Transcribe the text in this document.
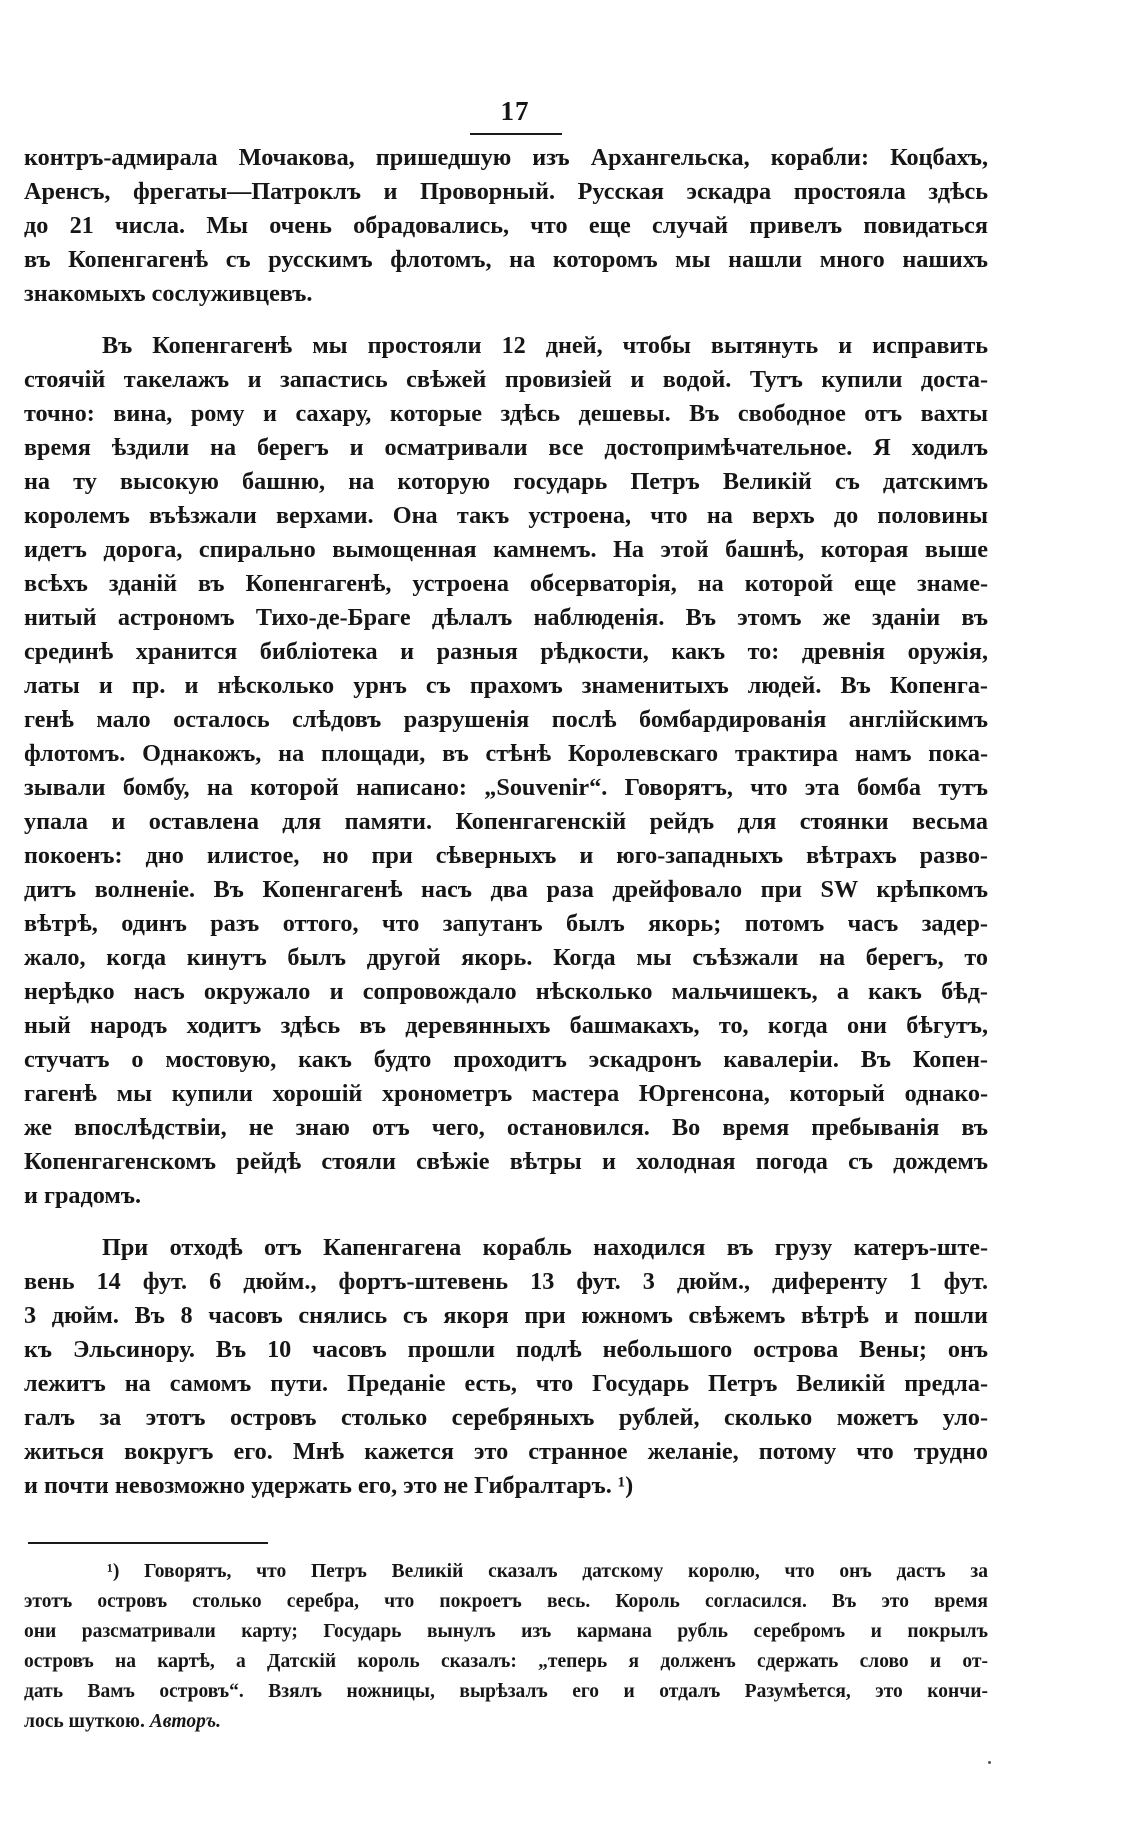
17
контръ-адмирала Мочакова, пришедшую изъ Архангельска, корабли: Коцбахъ,
Аренсъ, фрегаты—Патроклъ и Проворный. Русская эскадра простояла здѣсь
до 21 числа. Мы очень обрадовались, что еще случай привелъ повидаться
въ Копенгагенѣ съ русскимъ флотомъ, на которомъ мы нашли много нашихъ
знакомыхъ сослуживцевъ.
Въ Копенгагенѣ мы простояли 12 дней, чтобы вытянуть и исправить
стоячій такелажъ и запастись свѣжей провизіей и водой. Тутъ купили достa-
точно: вина, рому и сахару, которые здѣсь дешевы. Въ свободное отъ вахты
время ѣздили на берегъ и осматривали все достопримѣчательное. Я ходилъ
на ту высокую башню, на которую государь Петръ Великій съ датскимъ
королемъ въѣзжали верхами. Она такъ устроена, что на верхъ до половины
идетъ дорога, спирально вымощенная камнемъ. На этой башнѣ, которая выше
всѣхъ зданій въ Копенгагенѣ, устроена обсерваторія, на которой еще знаме-
нитый астрономъ Тихо-де-Браге дѣлалъ наблюденія. Въ этомъ же зданіи въ
срединѣ хранится библіотека и разныя рѣдкости, какъ то: древнія оружія,
латы и пр. и нѣсколько урнъ съ прахомъ знаменитыхъ людей. Въ Копенга-
генѣ мало осталось слѣдовъ разрушенія послѣ бомбардированія англійскимъ
флотомъ. Однакожъ, на площади, въ стѣнѣ Королевскаго трактира намъ пока-
зывали бомбу, на которой написано: „Souvenir“. Говорятъ, что эта бомба тутъ
упала и оставлена для памяти. Копенгагенскій рейдъ для стоянки весьма
покоенъ: дно илистое, но при сѣверныхъ и юго-западныхъ вѣтрахъ разво-
дитъ волненіе. Въ Копенгагенѣ насъ два раза дрейфовало при SW крѣпкомъ
вѣтрѣ, одинъ разъ оттого, что запутанъ былъ якорь; потомъ часъ задер-
жало, когда кинутъ былъ другой якорь. Когда мы съѣзжали на берегъ, то
нерѣдко насъ окружало и сопровождало нѣсколько мальчишекъ, а какъ бѣд-
ный народъ ходитъ здѣсь въ деревянныхъ башмакахъ, то, когда они бѣгутъ,
стучатъ о мостовую, какъ будто проходитъ эскадронъ кавалеріи. Въ Копен-
гагенѣ мы купили хорошій хронометръ мастера Юргенсона, который однако-
же впослѣдствіи, не знаю отъ чего, остановился. Во время пребыванія въ
Копенгагенскомъ рейдѣ стояли свѣжіе вѣтры и холодная погода съ дождемъ
и градомъ.
При отходѣ отъ Капенгагена корабль находился въ грузу катеръ-ште-
вень 14 фут. 6 дюйм., фортъ-штевень 13 фут. 3 дюйм., диференту 1 фут.
3 дюйм. Въ 8 часовъ снялись съ якоря при южномъ свѣжемъ вѣтрѣ и пошли
къ Эльсинору. Въ 10 часовъ прошли подлѣ небольшого острова Вены; онъ
лежитъ на самомъ пути. Преданіе есть, что Государь Петръ Великій предла-
галъ за этотъ островъ столько серебряныхъ рублей, сколько можетъ уло-
житься вокругъ его. Мнѣ кажется это странное желаніе, потому что трудно
и почти невозможно удержать его, это не Гибралтаръ. ¹)
¹) Говорятъ, что Петръ Великій сказалъ датскому королю, что онъ дастъ за
этотъ островъ столько серебра, что покроетъ весь. Король согласился. Въ это время
они разсматривали карту; Государь вынулъ изъ кармана рубль серебромъ и покрылъ
островъ на картѣ, а Датскій король сказалъ: „теперь я долженъ сдержать слово и от-
дать Вамъ островъ“. Взялъ ножницы, вырѣзалъ его и отдалъ Разумѣется, это кончи-
лось шуткою. Авторъ.
